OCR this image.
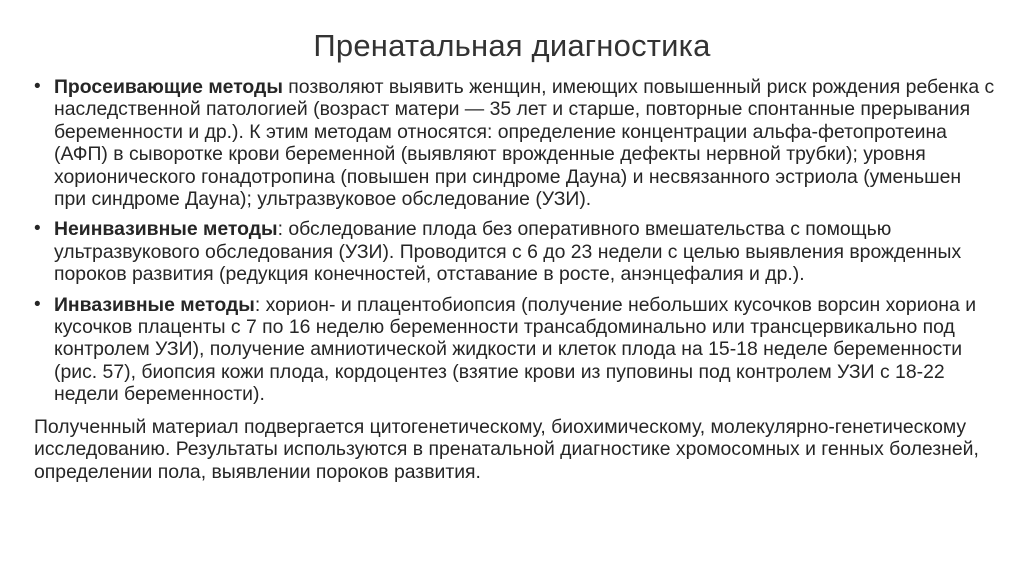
Пренатальная диагностика
• Просеивающие методы позволяют выявить женщин, имеющих повышенный риск рождения ребенка с наследственной патологией (возраст матери — 35 лет и старше, повторные спонтанные прерывания беременности и др.). К этим методам относятся: определение концентрации альфа-фетопротеина (АФП) в сыворотке крови беременной (выявляют врожденные дефекты нервной трубки); уровня хорионического гонадотропина (повышен при синдроме Дауна) и несвязанного эстриола (уменьшен при синдроме Дауна); ультразвуковое обследование (УЗИ).
• Неинвазивные методы: обследование плода без оперативного вмешательства с помощью ультразвукового обследования (УЗИ). Проводится с 6 до 23 недели с целью выявления врожденных пороков развития (редукция конечностей, отставание в росте, анэнцефалия и др.).
• Инвазивные методы: хорион- и плацентобиопсия (получение небольших кусочков ворсин хориона и кусочков плаценты с 7 по 16 неделю беременности трансабдоминально или трансцервикально под контролем УЗИ), получение амниотической жидкости и клеток плода на 15-18 неделе беременности (рис. 57), биопсия кожи плода, кордоцентез (взятие крови из пуповины под контролем УЗИ с 18-22 недели беременности).
Полученный материал подвергается цитогенетическому, биохимическому, молекулярно-генетическому исследованию. Результаты используются в пренатальной диагностике хромосомных и генных болезней, определении пола, выявлении пороков развития.
